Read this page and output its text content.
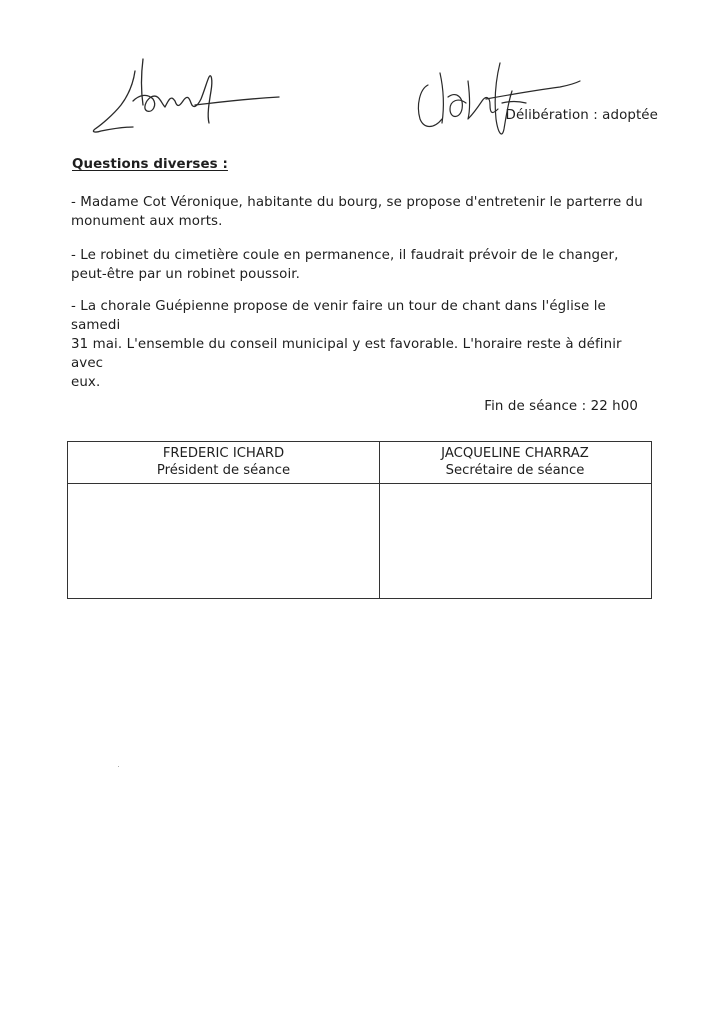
Délibération : adoptée
Questions diverses :
- Madame Cot Véronique, habitante du bourg, se propose d'entretenir le parterre du
monument aux morts.
- Le robinet du cimetière coule en permanence, il faudrait prévoir de le changer,
peut-être par un robinet poussoir.
- La chorale Guépienne propose de venir faire un tour de chant dans l'église le samedi
31 mai. L'ensemble du conseil municipal y est favorable. L'horaire reste à définir avec
eux.
Fin de séance : 22 h00
FREDERIC ICHARD
Président de séance
JACQUELINE CHARRAZ
Secrétaire de séance
